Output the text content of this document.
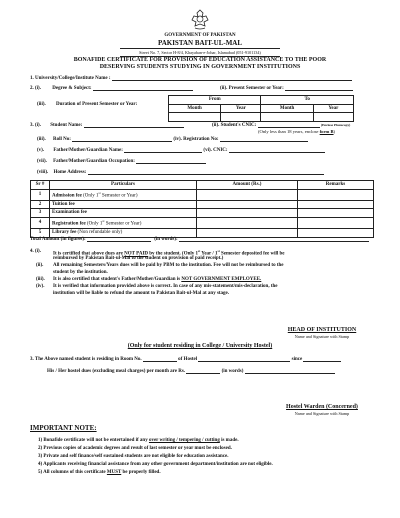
GOVERNMENT OF PAKISTAN
PAKISTAN BAIT-UL-MAL
Street No. 7, Sector H-8/4, Khayaban-e-Johar, Islamabad (051-9101134)
BONAFIDE CERTIFICATE FOR PROVISION OF EDUCATION ASSISTANCE TO THE POOR
DESERVING STUDENTS STUDYING IN GOVERNMENT INSTITUTIONS
1. University/College/Institute Name :
2. (i). Degree & Subject:	(ii). Present Semester or Year:
(iii). Duration of Present Semester or Year:
From		To	
Month	Year	Month	Year

3. (i). Student Name:	(ii). Student's CNIC:	(Enclose Photocopy)
(Only less than 18 years, enclose form B)
(iii). Roll No:	(iv). Registration No:
(v). Father/Mother/Guardian Name:	(vi). CNIC:
(vii). Father/Mother/Guardian Occupation:
(viii). Home Address:
Sr #	Particulars	Amount (Rs.)	Remarks
1	Admission fee (Only 1st Semester or Year)		
2	Tuition fee		
3	Examination fee		
4	Registration fee (Only 1st Semester or Year)		
5	Library fee (Non refundable only)		
Total Amount (in figures):	(in words):
4. (i).
It is certified that above dues are NOT PAID by the student. (Only 1st Year / 1st Semester deposited fee will be
reimbursed by Pakistan Bait-ul-Mal to the student on provision of paid receipt.)
(ii). All remaining Semesters/Years dues will be paid by PBM to the institution. Fee will not be reimbursed to the
student by the institution.
(iii). It is also certified that student's Father/Mother/Guardian is NOT GOVERNMENT EMPLOYEE.
(iv). It is verified that information provided above is correct. In case of any mis-statement/mis-declaration, the
institution will be liable to refund the amount to Pakistan Bait-ul-Mal at any stage.
HEAD OF INSTITUTION
Name and Signature with Stamp
(Only for student residing in College / University Hostel)
3. The Above named student is residing in Room No.	of Hostel	since
His / Her hostel dues (excluding meal charges) per month are Rs.	(in words)
Hostel Warden (Concerned)
Name and Signature with Stamp
IMPORTANT NOTE:
1) Bonafide certificate will not be entertained if any over writing / tempering / cutting is made.
2) Previous copies of academic degrees and result of last semester or year must be enclosed.
3) Private and self finance/self sustained students are not eligible for education assistance.
4) Applicants receiving financial assistance from any other government department/institution are not eligible.
5) All columns of this certificate MUST be properly filled.
